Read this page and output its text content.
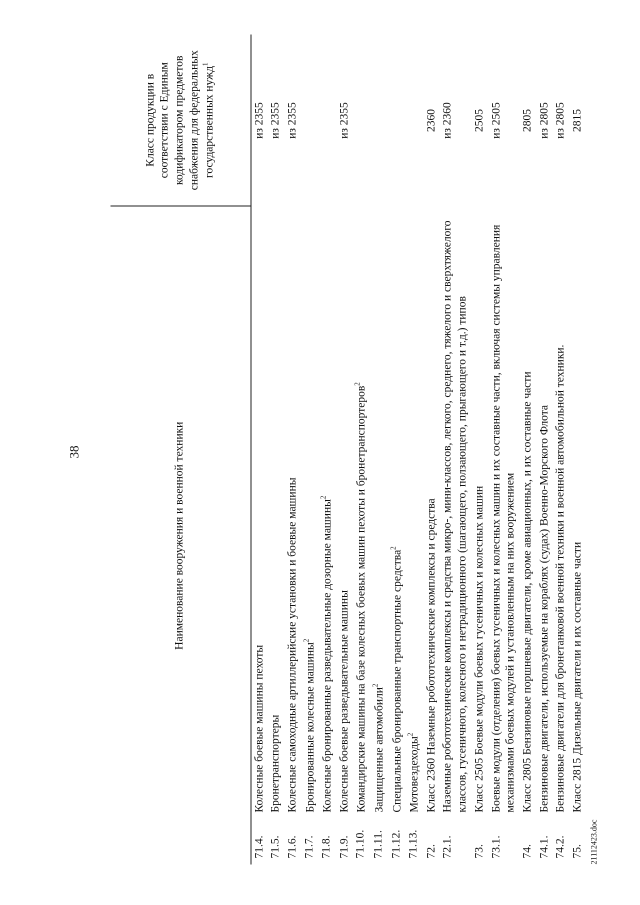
38	Наименование вооружения и военной техники		Класс продукции в соответствии с Единым кодификатором предметов снабжения для федеральных государственных нужд$^1$
71.4.	Колесные боевые машины пехоты	из 2355
71.5.	Бронетранспортеры	из 2355
71.6.	Колесные самоходные артиллерийские установки и боевые машины	из 2355
71.7.	Бронированные колесные машины$^2$	
71.8.	Колесные бронированные разведывательные дозорные машины$^2$	
71.9.	Колесные боевые разведывательные машины	из 2355
71.10.	Командирские машины на базе колесных боевых машин пехоты и бронетранспортеров$^2$	
71.11.	Защищенные автомобили$^2$	
71.12.	Специальные бронированные транспортные средства$^2$	
71.13.	Мотовездеходы$^2$	
72.	Класс 2360 Наземные робототехнические комплексы и средства	2360
72.1.	Наземные робототехнические комплексы и средства микро-, мини-классов, легкого, среднего, тяжелого и сверхтяжелого классов, гусеничного, колесного и нетрадиционного (шагающего, ползающего, прыгающего и т.д.) типов	из 2360
73.	Класс 2505 Боевые модули боевых гусеничных и колесных машин	2505
73.1.	Боевые модули (отделения) боевых гусеничных и колесных машин и их составные части, включая системы управления механизмами боевых модулей и установленным на них вооружением	из 2505
74.	Класс 2805 Бензиновые поршневые двигатели, кроме авиационных, и их составные части	2805
74.1.	Бензиновые двигатели, используемые на кораблях (судах) Военно-Морского Флота	из 2805
74.2.	Бензиновые двигатели для бронетанковой военной техники и военной автомобильной техники.	из 2805
75.	Класс 2815 Дизельные двигатели и их составные части	2815
21112423.doc
